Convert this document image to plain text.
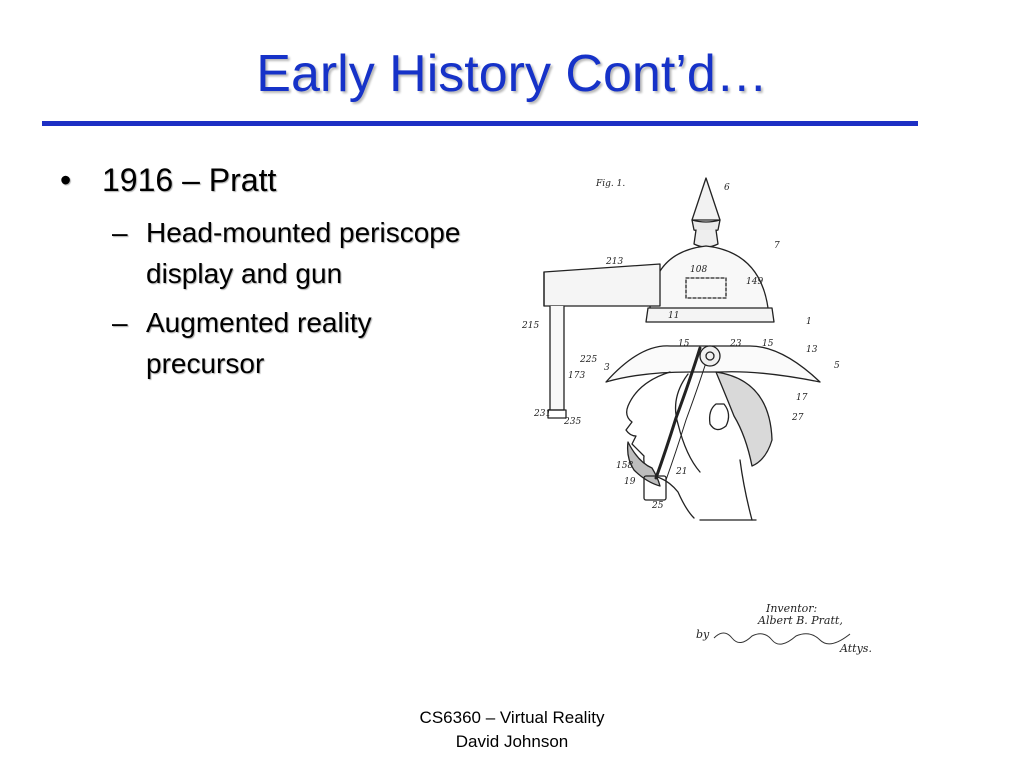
Early History Cont’d…
• 1916 – Pratt
– Head-mounted periscope display and gun
– Augmented reality precursor
Fig. 1.	6
7
213
108
149
1
215
11
15	23 15
13
225
3	5
173
17
27
231
235
158
21
19
25
Inventor:
Albert B. Pratt,
by
Attys.
CS6360 – Virtual Reality
David Johnson
